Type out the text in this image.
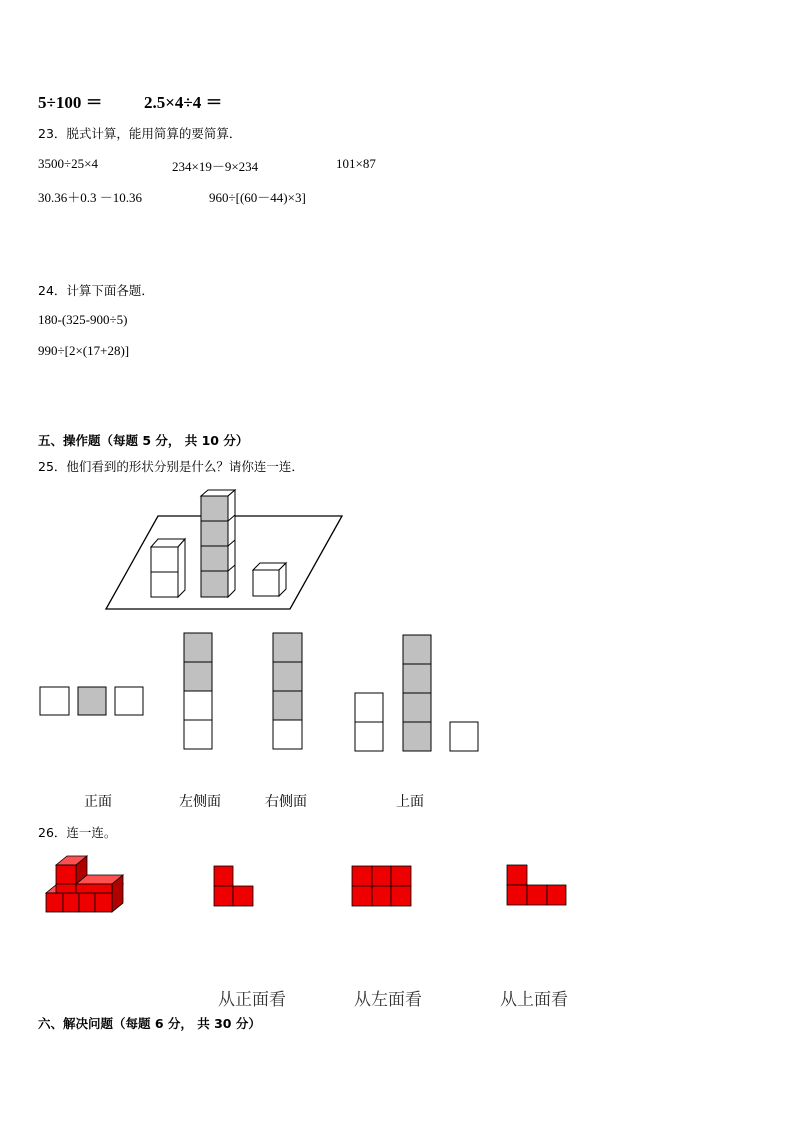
5÷100 ＝ 2.5×4÷4 ＝
23．脱式计算，能用简算的要简算．
3500÷25×4	234×19－9×234	101×87
30.36＋0.3 －10.36	960÷[(60－44)×3]
24．计算下面各题．
180-(325-900÷5)
990÷[2×(17+28)]
五、操作题（每题 5 分， 共 10 分）
25．他们看到的形状分别是什么？请你连一连．
正面	左侧面	右侧面	上面
26．连一连。
从正面看	从左面看	从上面看
六、解决问题（每题 6 分， 共 30 分）
